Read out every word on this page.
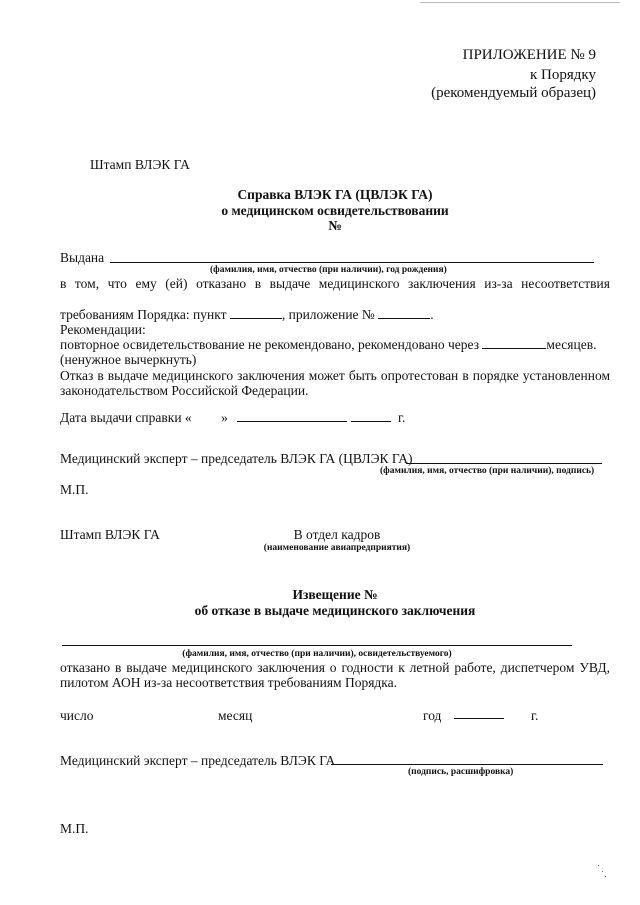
ПРИЛОЖЕНИЕ № 9
к Порядку
(рекомендуемый образец)
Штамп ВЛЭК ГА
Справка ВЛЭК ГА (ЦВЛЭК ГА)
о медицинском освидетельствовании
№
Выдана
(фамилия, имя, отчество (при наличии), год рождения)
в том, что ему (ей) отказано в выдаче медицинского заключения из-за несоответствия
требованиям Порядка: пункт	, приложение №	.
Рекомендации:
повторное освидетельствование не рекомендовано, рекомендовано через	месяцев.
(ненужное вычеркнуть)
Отказ в выдаче медицинского заключения может быть опротестован в порядке установленном
законодательством Российской Федерации.
Дата выдачи справки « »	г.
Медицинский эксперт – председатель ВЛЭК ГА (ЦВЛЭК ГА)
(фамилия, имя, отчество (при наличии), подпись)
М.П.
Штамп ВЛЭК ГА	В отдел кадров
(наименование авиапредприятия)
Извещение №
об отказе в выдаче медицинского заключения
(фамилия, имя, отчество (при наличии), освидетельствуемого)
отказано в выдаче медицинского заключения о годности к летной работе, диспетчером УВД,
пилотом АОН из-за несоответствия требованиям Порядка.
число	месяц	год	г.
Медицинский эксперт – председатель ВЛЭК ГА
(подпись, расшифровка)
М.П.
